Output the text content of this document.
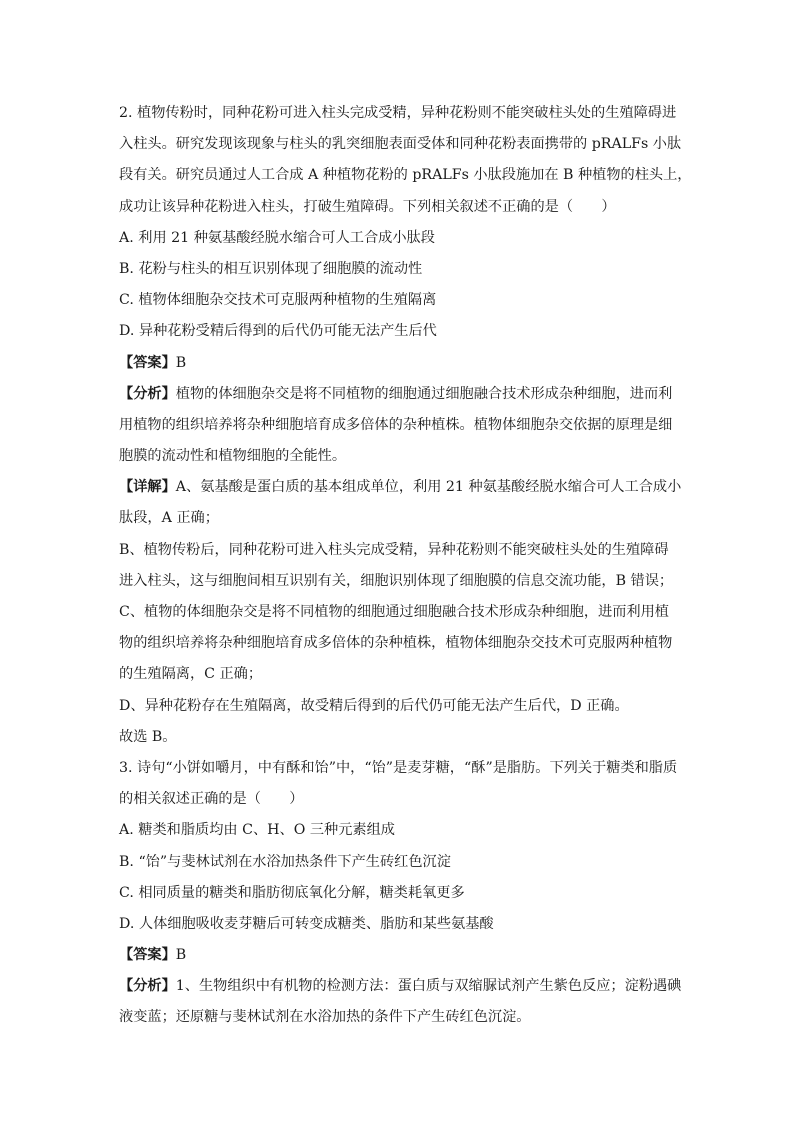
2. 植物传粉时，同种花粉可进入柱头完成受精，异种花粉则不能突破柱头处的生殖障碍进
入柱头。研究发现该现象与柱头的乳突细胞表面受体和同种花粉表面携带的 pRALFs 小肽
段有关。研究员通过人工合成 A 种植物花粉的 pRALFs 小肽段施加在 B 种植物的柱头上，
成功让该异种花粉进入柱头，打破生殖障碍。下列相关叙述不正确的是（　　）
A. 利用 21 种氨基酸经脱水缩合可人工合成小肽段
B. 花粉与柱头的相互识别体现了细胞膜的流动性
C. 植物体细胞杂交技术可克服两种植物的生殖隔离
D. 异种花粉受精后得到的后代仍可能无法产生后代
【答案】B
【分析】植物的体细胞杂交是将不同植物的细胞通过细胞融合技术形成杂种细胞，进而利
用植物的组织培养将杂种细胞培育成多倍体的杂种植株。植物体细胞杂交依据的原理是细
胞膜的流动性和植物细胞的全能性。
【详解】A、氨基酸是蛋白质的基本组成单位，利用 21 种氨基酸经脱水缩合可人工合成小
肽段，A 正确；
B、植物传粉后，同种花粉可进入柱头完成受精，异种花粉则不能突破柱头处的生殖障碍
进入柱头，这与细胞间相互识别有关，细胞识别体现了细胞膜的信息交流功能，B 错误；
C、植物的体细胞杂交是将不同植物的细胞通过细胞融合技术形成杂种细胞，进而利用植
物的组织培养将杂种细胞培育成多倍体的杂种植株，植物体细胞杂交技术可克服两种植物
的生殖隔离，C 正确；
D、异种花粉存在生殖隔离，故受精后得到的后代仍可能无法产生后代，D 正确。
故选 B。
3. 诗句“小饼如嚼月，中有酥和饴”中，“饴”是麦芽糖，“酥”是脂肪。下列关于糖类和脂质
的相关叙述正确的是（　　）
A. 糖类和脂质均由 C、H、O 三种元素组成
B. “饴”与斐林试剂在水浴加热条件下产生砖红色沉淀
C. 相同质量的糖类和脂肪彻底氧化分解，糖类耗氧更多
D. 人体细胞吸收麦芽糖后可转变成糖类、脂肪和某些氨基酸
【答案】B
【分析】1、生物组织中有机物的检测方法：蛋白质与双缩脲试剂产生紫色反应；淀粉遇碘
液变蓝；还原糖与斐林试剂在水浴加热的条件下产生砖红色沉淀。
